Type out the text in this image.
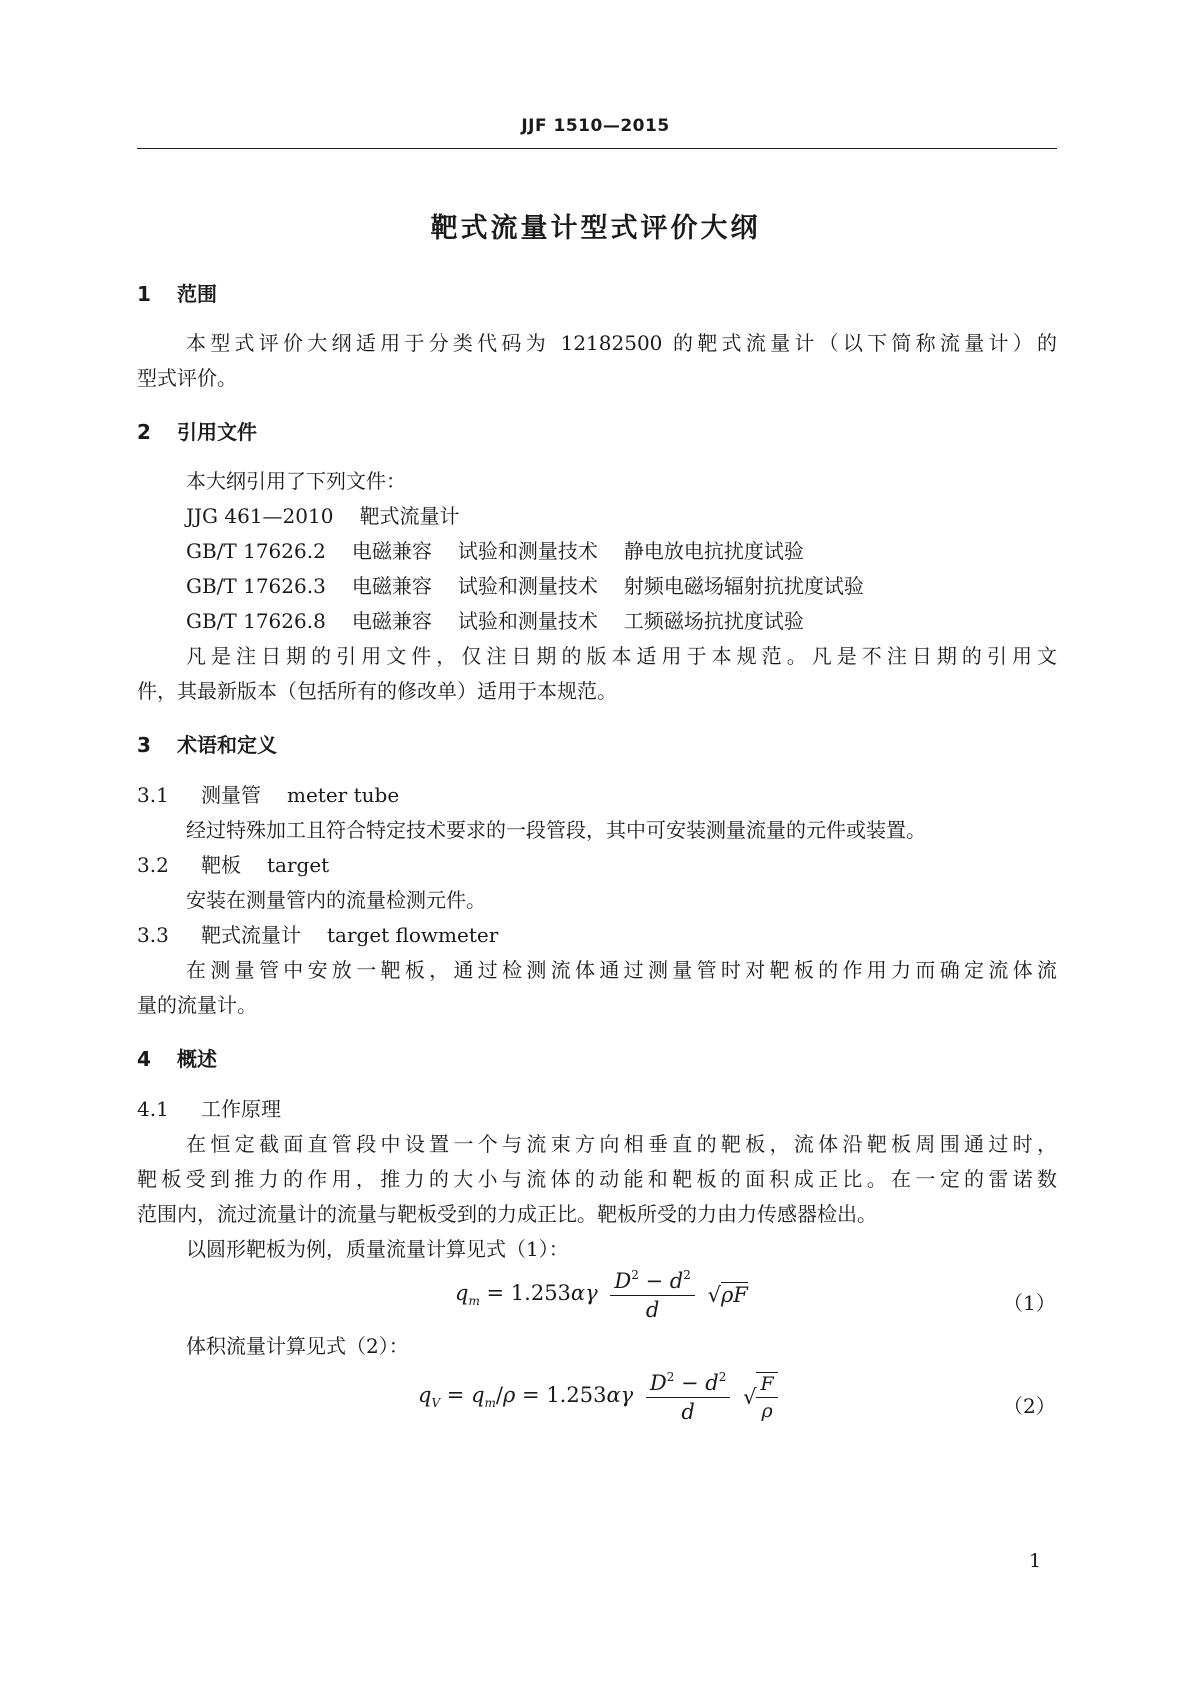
JJF 1510—2015
靶式流量计型式评价大纲
1 范围
本型式评价大纲适用于分类代码为 12182500 的靶式流量计（以下简称流量计）的
型式评价。
2 引用文件
本大纲引用了下列文件：
JJG 461—2010 靶式流量计
GB/T 17626.2 电磁兼容 试验和测量技术 静电放电抗扰度试验
GB/T 17626.3 电磁兼容 试验和测量技术 射频电磁场辐射抗扰度试验
GB/T 17626.8 电磁兼容 试验和测量技术 工频磁场抗扰度试验
凡是注日期的引用文件，仅注日期的版本适用于本规范。凡是不注日期的引用文
件，其最新版本（包括所有的修改单）适用于本规范。
3 术语和定义
3.1 测量管 meter tube
经过特殊加工且符合特定技术要求的一段管段，其中可安装测量流量的元件或装置。
3.2 靶板 target
安装在测量管内的流量检测元件。
3.3 靶式流量计 target flowmeter
在测量管中安放一靶板，通过检测流体通过测量管时对靶板的作用力而确定流体流
量的流量计。
4 概述
4.1 工作原理
在恒定截面直管段中设置一个与流束方向相垂直的靶板，流体沿靶板周围通过时，
靶板受到推力的作用，推力的大小与流体的动能和靶板的面积成正比。在一定的雷诺数
范围内，流过流量计的流量与靶板受到的力成正比。靶板所受的力由力传感器检出。
以圆形靶板为例，质量流量计算见式（1）：
$q_m = 1.253\alpha\gamma \frac{D^2 - d^2}{d} √\rho F$	（1）
体积流量计算见式（2）：
$q_V = q_m/\rho = 1.253\alpha\gamma \frac{D^2 - d^2}{d}$ √ $\frac{F}{\rho}$	（2）
1
